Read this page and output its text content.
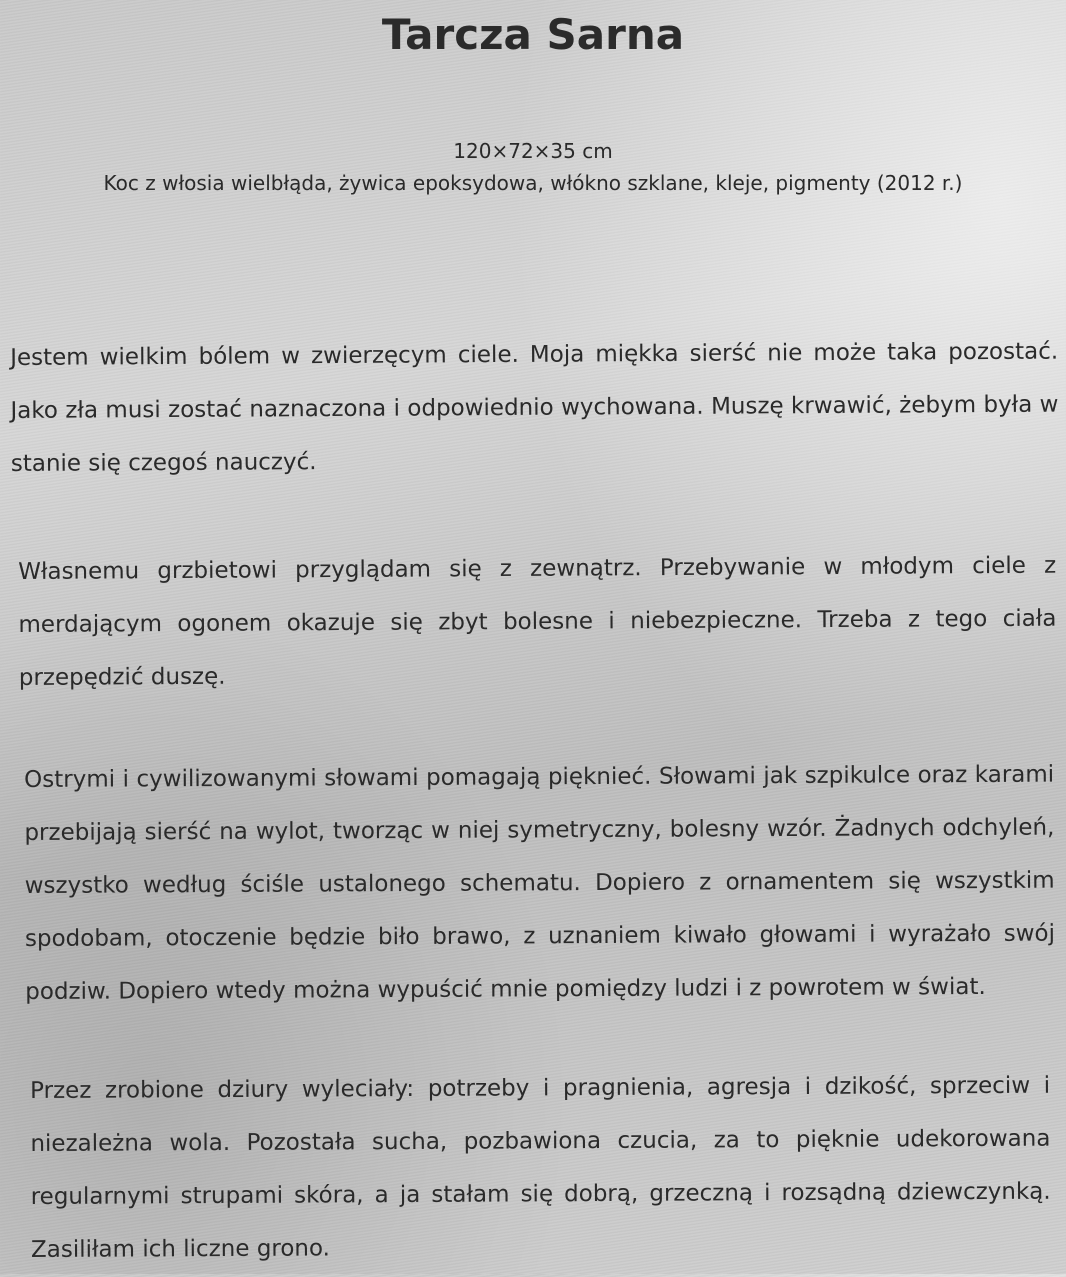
Tarcza Sarna
120×72×35 cm
Koc z włosia wielbłąda, żywica epoksydowa, włókno szklane, kleje, pigmenty (2012 r.)
Jestem wielkim bólem w zwierzęcym ciele. Moja miękka sierść nie może taka pozostać. Jako zła musi zostać naznaczona i odpowiednio wychowana. Muszę krwawić, żebym była w stanie się czegoś nauczyć.
Własnemu grzbietowi przyglądam się z zewnątrz. Przebywanie w młodym ciele z merdającym ogonem okazuje się zbyt bolesne i niebezpieczne. Trzeba z tego ciała przepędzić duszę.
Ostrymi i cywilizowanymi słowami pomagają pięknieć. Słowami jak szpikulce oraz karami przebijają sierść na wylot, tworząc w niej symetryczny, bolesny wzór. Żadnych odchyleń, wszystko według ściśle ustalonego schematu. Dopiero z ornamentem się wszystkim spodobam, otoczenie będzie biło brawo, z uznaniem kiwało głowami i wyrażało swój podziw. Dopiero wtedy można wypuścić mnie pomiędzy ludzi i z powrotem w świat.
Przez zrobione dziury wyleciały: potrzeby i pragnienia, agresja i dzikość, sprzeciw i niezależna wola. Pozostała sucha, pozbawiona czucia, za to pięknie udekorowana regularnymi strupami skóra, a ja stałam się dobrą, grzeczną i rozsądną dziewczynką. Zasiliłam ich liczne grono.
